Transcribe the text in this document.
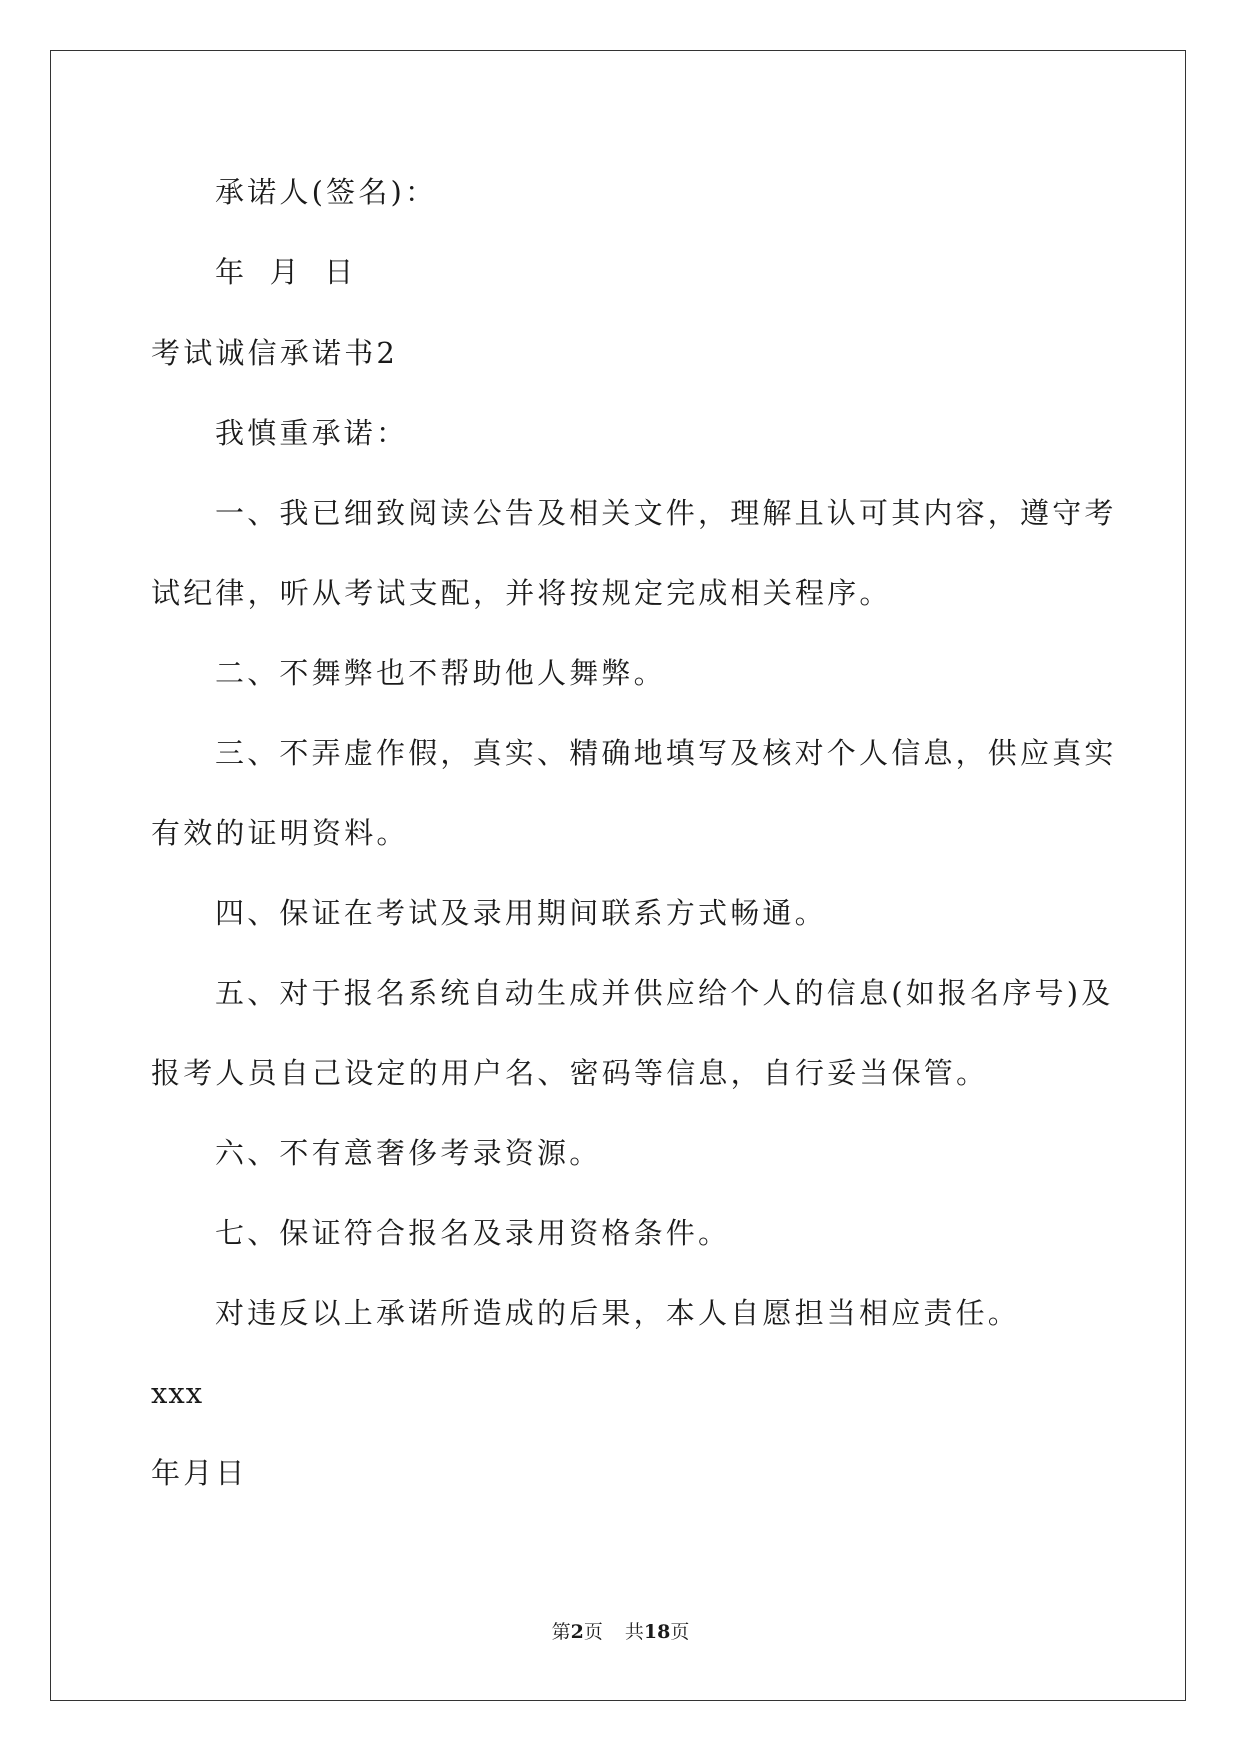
承诺人(签名)：

年 月 日

考试诚信承诺书2

我慎重承诺：

一、我已细致阅读公告及相关文件，理解且认可其内容，遵守考

试纪律，听从考试支配，并将按规定完成相关程序。

二、不舞弊也不帮助他人舞弊。

三、不弄虚作假，真实、精确地填写及核对个人信息，供应真实

有效的证明资料。

四、保证在考试及录用期间联系方式畅通。

五、对于报名系统自动生成并供应给个人的信息(如报名序号)及

报考人员自己设定的用户名、密码等信息，自行妥当保管。

六、不有意奢侈考录资源。

七、保证符合报名及录用资格条件。

对违反以上承诺所造成的后果，本人自愿担当相应责任。

xxx

年月日

第2页 共18页
